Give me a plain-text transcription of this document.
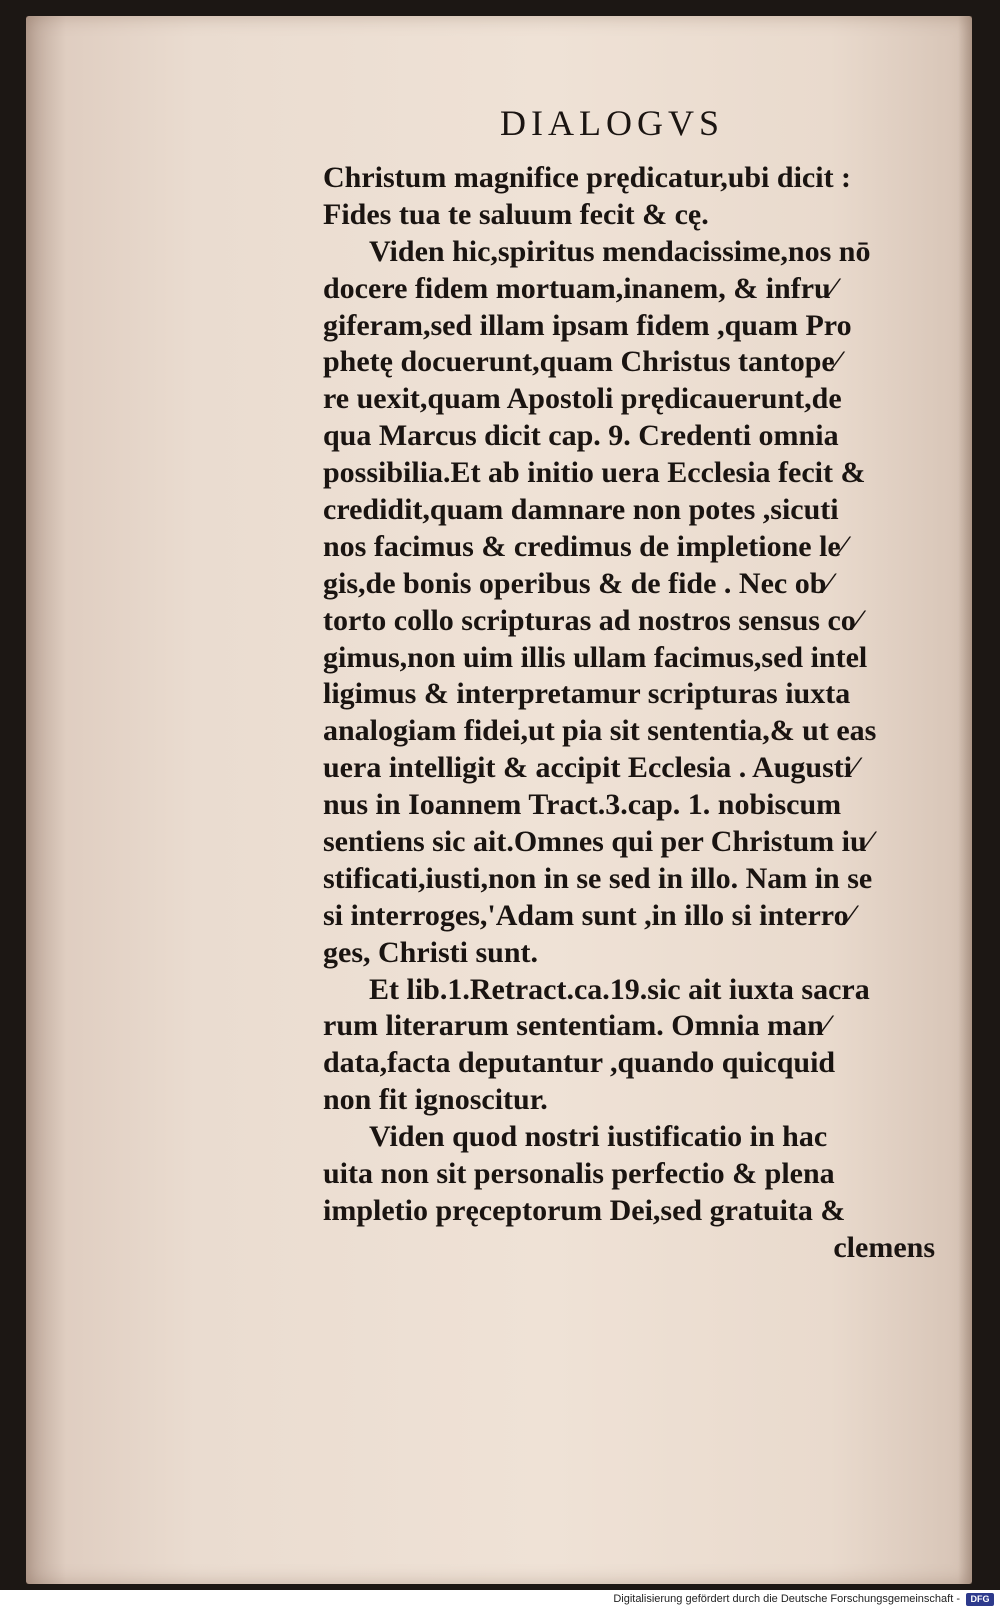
DIALOGVS
Christum magnifice prędicatur,ubi dicit :
Fides tua te saluum fecit & cę.
Viden hic,spiritus mendacissime,nos nō
docere fidem mortuam,inanem, & infru⁄
giferam,sed illam ipsam fidem ,quam Pro
phetę docuerunt,quam Christus tantope⁄
re uexit,quam Apostoli prędicauerunt,de
qua Marcus dicit cap. 9. Credenti omnia
possibilia.Et ab initio uera Ecclesia fecit &
credidit,quam damnare non potes ,sicuti
nos facimus & credimus de impletione le⁄
gis,de bonis operibus & de fide . Nec ob⁄
torto collo scripturas ad nostros sensus co⁄
gimus,non uim illis ullam facimus,sed intel
ligimus & interpretamur scripturas iuxta
analogiam fidei,ut pia sit sententia,& ut eas
uera intelligit & accipit Ecclesia . Augusti⁄
nus in Ioannem Tract.3.cap. 1. nobiscum
sentiens sic ait.Omnes qui per Christum iu⁄
stificati,iusti,non in se sed in illo. Nam in se
si interroges,'Adam sunt ,in illo si interro⁄
ges, Christi sunt.
Et lib.1.Retract.ca.19.sic ait iuxta sacra
rum literarum sententiam. Omnia man⁄
data,facta deputantur ,quando quicquid
non fit ignoscitur.
Viden quod nostri iustificatio in hac
uita non sit personalis perfectio & plena
impletio pręceptorum Dei,sed gratuita &
clemens
Digitalisierung gefördert durch die Deutsche Forschungsgemeinschaft -	DFG
